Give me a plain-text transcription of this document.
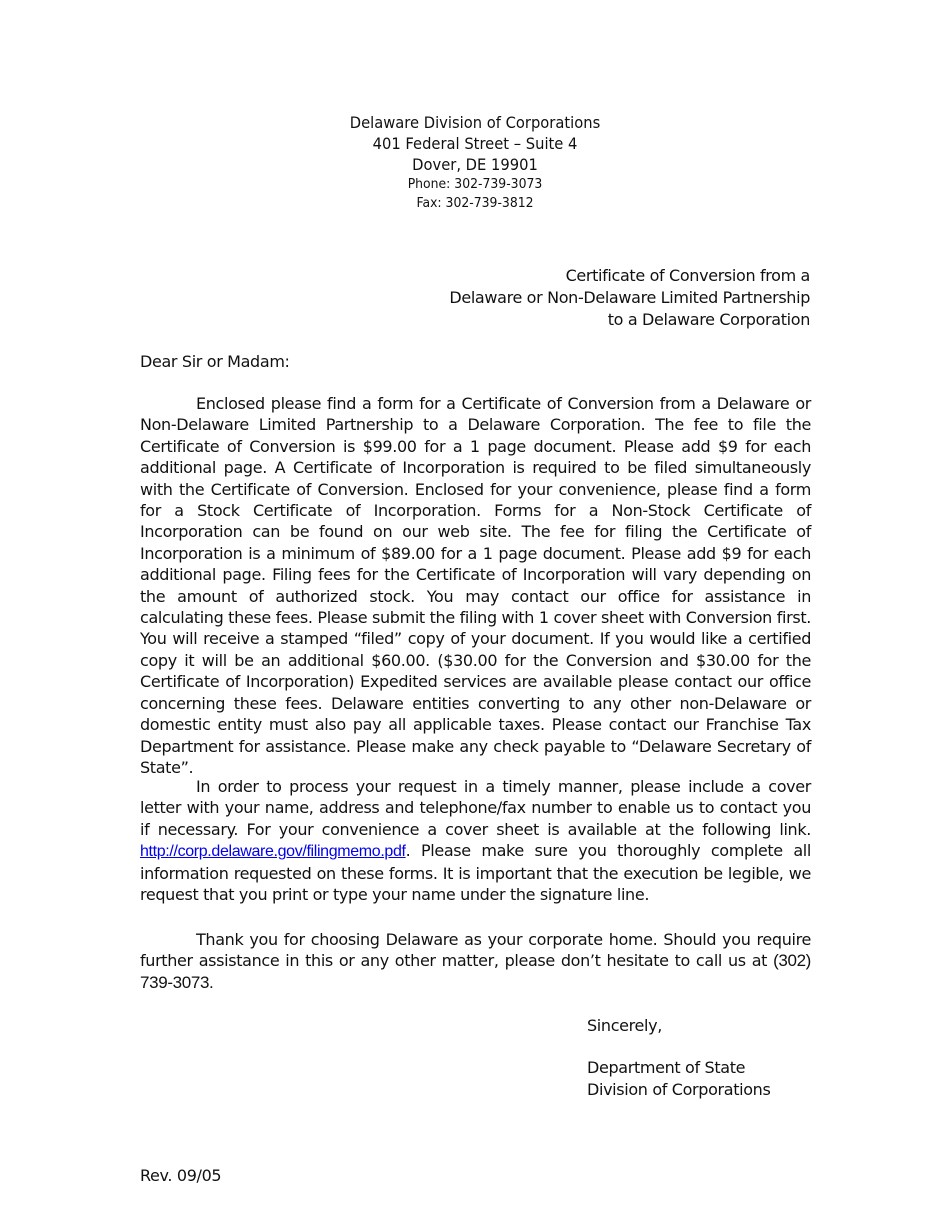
Delaware Division of Corporations
401 Federal Street – Suite 4
Dover, DE 19901
Phone: 302-739-3073
Fax: 302-739-3812
Certificate of Conversion from a
Delaware or Non-Delaware Limited Partnership
to a Delaware Corporation
Dear Sir or Madam:
Enclosed please find a form for a Certificate of Conversion from a Delaware or Non-Delaware Limited Partnership to a Delaware Corporation. The fee to file the Certificate of Conversion is $99.00 for a 1 page document. Please add $9 for each additional page. A Certificate of Incorporation is required to be filed simultaneously with the Certificate of Conversion. Enclosed for your convenience, please find a form for a Stock Certificate of Incorporation. Forms for a Non-Stock Certificate of Incorporation can be found on our web site. The fee for filing the Certificate of Incorporation is a minimum of $89.00 for a 1 page document. Please add $9 for each additional page. Filing fees for the Certificate of Incorporation will vary depending on the amount of authorized stock. You may contact our office for assistance in calculating these fees. Please submit the filing with 1 cover sheet with Conversion first. You will receive a stamped “filed” copy of your document. If you would like a certified copy it will be an additional $60.00. ($30.00 for the Conversion and $30.00 for the Certificate of Incorporation) Expedited services are available please contact our office concerning these fees. Delaware entities converting to any other non-Delaware or domestic entity must also pay all applicable taxes. Please contact our Franchise Tax Department for assistance. Please make any check payable to “Delaware Secretary of State”.
In order to process your request in a timely manner, please include a cover letter with your name, address and telephone/fax number to enable us to contact you if necessary. For your convenience a cover sheet is available at the following link. http://corp.delaware.gov/filingmemo.pdf. Please make sure you thoroughly complete all information requested on these forms. It is important that the execution be legible, we request that you print or type your name under the signature line.
Thank you for choosing Delaware as your corporate home. Should you require further assistance in this or any other matter, please don’t hesitate to call us at (302) 739-3073.
Sincerely,
Department of State
Division of Corporations
Rev. 09/05
